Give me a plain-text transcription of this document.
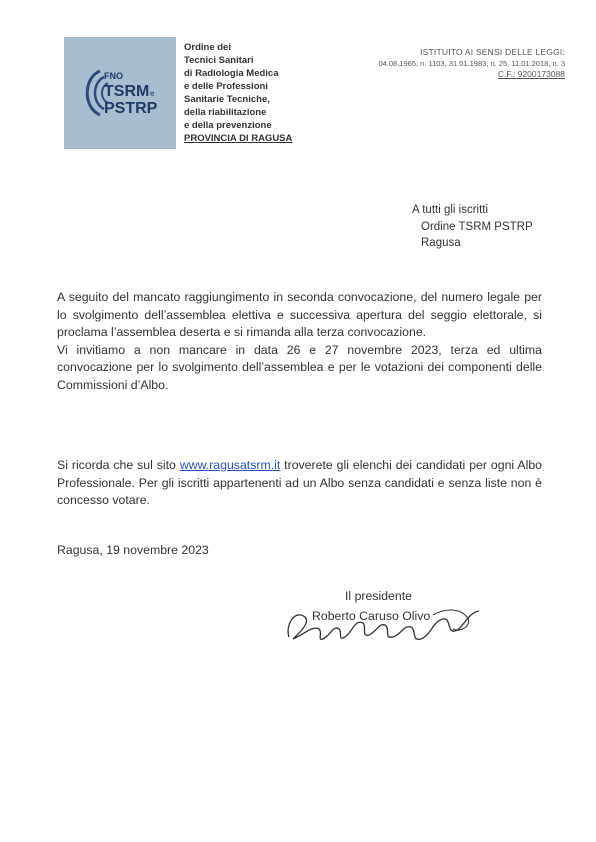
FNO
TSRM e
PSTRP
Ordine dei
Tecnici Sanitari
di Radiologia Medica
e delle Professioni
Sanitarie Tecniche,
della riabilitazione
e della prevenzione
PROVINCIA DI RAGUSA
ISTITUITO AI SENSI DELLE LEGGI:
04.08.1965, n. 1103, 31.01.1983, n. 25, 11.01.2018, n. 3
C.F.: 9200173088
A tutti gli iscritti
Ordine TSRM PSTRP
Ragusa
A seguito del mancato raggiungimento in seconda convocazione, del numero legale per lo svolgimento dell’assemblea elettiva e successiva apertura del seggio elettorale, si proclama l’assemblea deserta e si rimanda alla terza convocazione.
Vi invitiamo a non mancare in data 26 e 27 novembre 2023, terza ed ultima convocazione per lo svolgimento dell’assemblea e per le votazioni dei componenti delle Commissioni d’Albo.
Si ricorda che sul sito www.ragusatsrm.it troverete gli elenchi dei candidati per ogni Albo Professionale. Per gli iscritti appartenenti ad un Albo senza candidati e senza liste non è concesso votare.
Ragusa, 19 novembre 2023
Il presidente
Roberto Caruso Olivo
